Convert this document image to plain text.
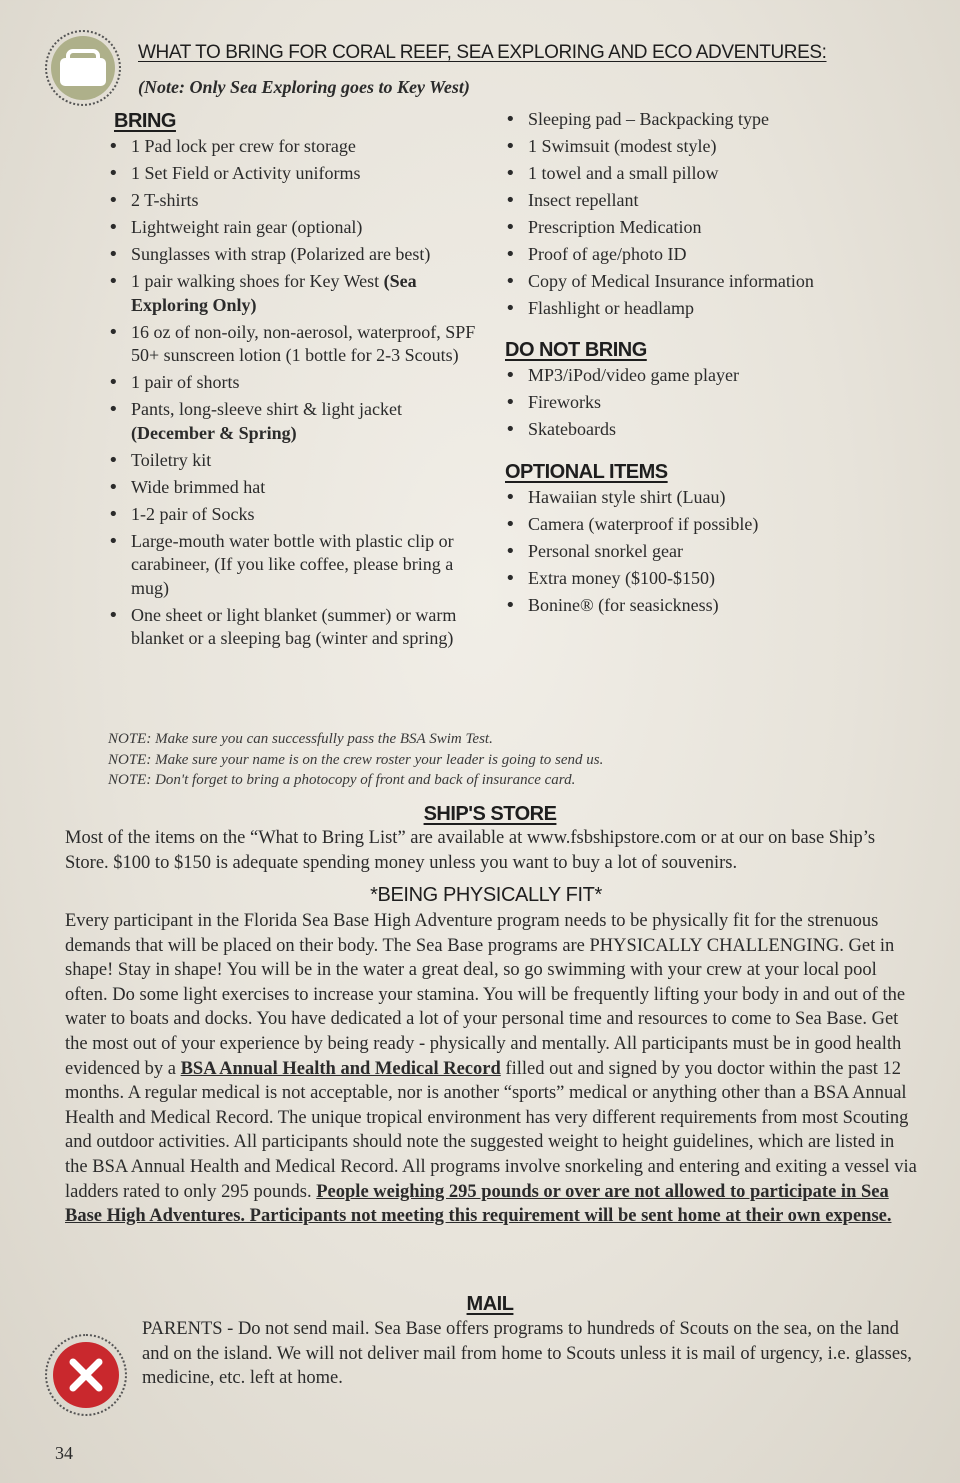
WHAT TO BRING FOR CORAL REEF, SEA EXPLORING AND ECO ADVENTURES:
(Note: Only Sea Exploring goes to Key West)
BRING
• 1 Pad lock per crew for storage
• 1 Set Field or Activity uniforms
• 2 T-shirts
• Lightweight rain gear (optional)
• Sunglasses with strap (Polarized are best)
• 1 pair walking shoes for Key West (Sea Exploring Only)
• 16 oz of non-oily, non-aerosol, waterproof, SPF 50+ sunscreen lotion (1 bottle for 2-3 Scouts)
• 1 pair of shorts
• Pants, long-sleeve shirt & light jacket (December & Spring)
• Toiletry kit
• Wide brimmed hat
• 1-2 pair of Socks
• Large-mouth water bottle with plastic clip or carabineer, (If you like coffee, please bring a mug)
• One sheet or light blanket (summer) or warm blanket or a sleeping bag (winter and spring)
• Sleeping pad – Backpacking type
• 1 Swimsuit (modest style)
• 1 towel and a small pillow
• Insect repellant
• Prescription Medication
• Proof of age/photo ID
• Copy of Medical Insurance information
• Flashlight or headlamp
DO NOT BRING
• MP3/iPod/video game player
• Fireworks
• Skateboards
OPTIONAL ITEMS
• Hawaiian style shirt (Luau)
• Camera (waterproof if possible)
• Personal snorkel gear
• Extra money ($100-$150)
• Bonine® (for seasickness)
NOTE: Make sure you can successfully pass the BSA Swim Test.
NOTE: Make sure your name is on the crew roster your leader is going to send us.
NOTE: Don't forget to bring a photocopy of front and back of insurance card.
SHIP'S STORE
Most of the items on the “What to Bring List” are available at www.fsbshipstore.com or at our on base Ship’s Store. $100 to $150 is adequate spending money unless you want to buy a lot of souvenirs.
*BEING PHYSICALLY FIT*
Every participant in the Florida Sea Base High Adventure program needs to be physically fit for the strenuous demands that will be placed on their body. The Sea Base programs are PHYSICALLY CHALLENGING. Get in shape! Stay in shape! You will be in the water a great deal, so go swimming with your crew at your local pool often. Do some light exercises to increase your stamina. You will be frequently lifting your body in and out of the water to boats and docks. You have dedicated a lot of your personal time and resources to come to Sea Base. Get the most out of your experience by being ready - physically and mentally. All participants must be in good health evidenced by a BSA Annual Health and Medical Record filled out and signed by you doctor within the past 12 months. A regular medical is not acceptable, nor is another “sports” medical or anything other than a BSA Annual Health and Medical Record. The unique tropical environment has very different requirements from most Scouting and outdoor activities. All participants should note the suggested weight to height guidelines, which are listed in the BSA Annual Health and Medical Record. All programs involve snorkeling and entering and exiting a vessel via ladders rated to only 295 pounds. People weighing 295 pounds or over are not allowed to participate in Sea Base High Adventures. Participants not meeting this requirement will be sent home at their own expense.
MAIL
PARENTS - Do not send mail. Sea Base offers programs to hundreds of Scouts on the sea, on the land and on the island. We will not deliver mail from home to Scouts unless it is mail of urgency, i.e. glasses, medicine, etc. left at home.
34
